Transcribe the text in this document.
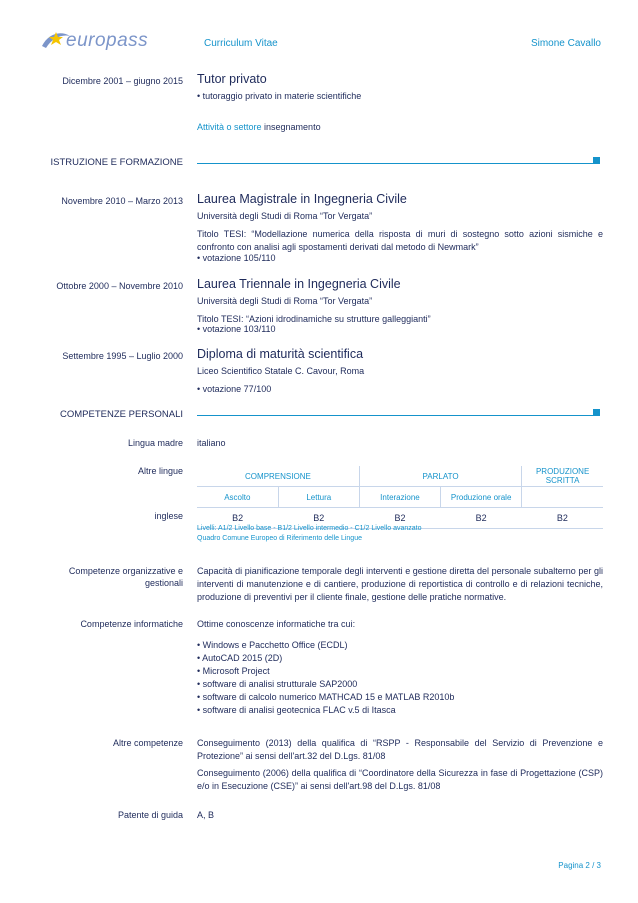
europass	Curriculum Vitae	Simone Cavallo
Dicembre 2001 – giugno 2015 Tutor privato
• tutoraggio privato in materie scientifiche
Attività o settore insegnamento
ISTRUZIONE E FORMAZIONE
Novembre 2010 – Marzo 2013 Laurea Magistrale in Ingegneria Civile
Università degli Studi di Roma “Tor Vergata”
Titolo TESI: “Modellazione numerica della risposta di muri di sostegno sotto azioni sismiche e confronto con analisi agli spostamenti derivati dal metodo di Newmark”
• votazione 105/110
Ottobre 2000 – Novembre 2010 Laurea Triennale in Ingegneria Civile
Università degli Studi di Roma “Tor Vergata”
Titolo TESI: “Azioni idrodinamiche su strutture galleggianti”
• votazione 103/110
Settembre 1995 – Luglio 2000 Diploma di maturità scientifica
Liceo Scientifico Statale C. Cavour, Roma
• votazione 77/100
COMPETENZE PERSONALI
Lingua madre italiano
Altre lingue
inglese
COMPRENSIONE		PARLATO		PRODUZIONE SCRITTA
Ascolto	Lettura	Interazione	Produzione orale	
B2	B2	B2	B2	B2
Livelli: A1/2 Livello base - B1/2 Livello intermedio - C1/2 Livello avanzato
Quadro Comune Europeo di Riferimento delle Lingue
Competenze organizzative e
gestionali
Capacità di pianificazione temporale degli interventi e gestione diretta del personale subalterno per gli interventi di manutenzione e di cantiere, produzione di reportistica di controllo e di relazioni tecniche, produzione di preventivi per il cliente finale, gestione delle pratiche normative.
Competenze informatiche Ottime conoscenze informatiche tra cui:
• Windows e Pacchetto Office (ECDL)
• AutoCAD 2015 (2D)
• Microsoft Project
• software di analisi strutturale SAP2000
• software di calcolo numerico MATHCAD 15 e MATLAB R2010b
• software di analisi geotecnica FLAC v.5 di Itasca
Altre competenze Conseguimento (2013) della qualifica di “RSPP - Responsabile del Servizio di Prevenzione e Protezione” ai sensi dell'art.32 del D.Lgs. 81/08
Conseguimento (2006) della qualifica di “Coordinatore della Sicurezza in fase di Progettazione (CSP) e/o in Esecuzione (CSE)” ai sensi dell'art.98 del D.Lgs. 81/08
Patente di guida A, B
Pagina 2 / 3
